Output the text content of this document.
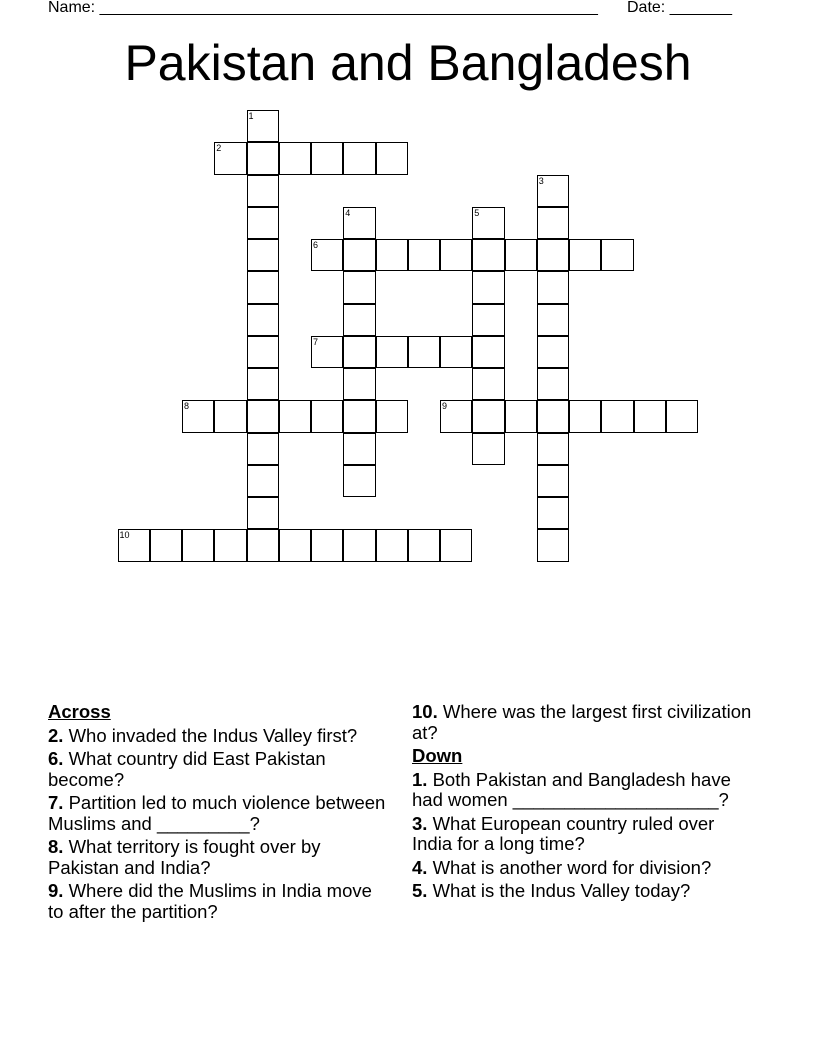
Name: ________________________________________________________ Date: _______
Pakistan and Bangladesh
2
6
7
8	9
10
1
3
4	5
Across
2. Who invaded the Indus Valley first?
6. What country did East Pakistan become?
7. Partition led to much violence between Muslims and _________?
8. What territory is fought over by Pakistan and India?
9. Where did the Muslims in India move to after the partition?
10. Where was the largest first civilization at?
Down
1. Both Pakistan and Bangladesh have had women ____________________?
3. What European country ruled over India for a long time?
4. What is another word for division?
5. What is the Indus Valley today?
